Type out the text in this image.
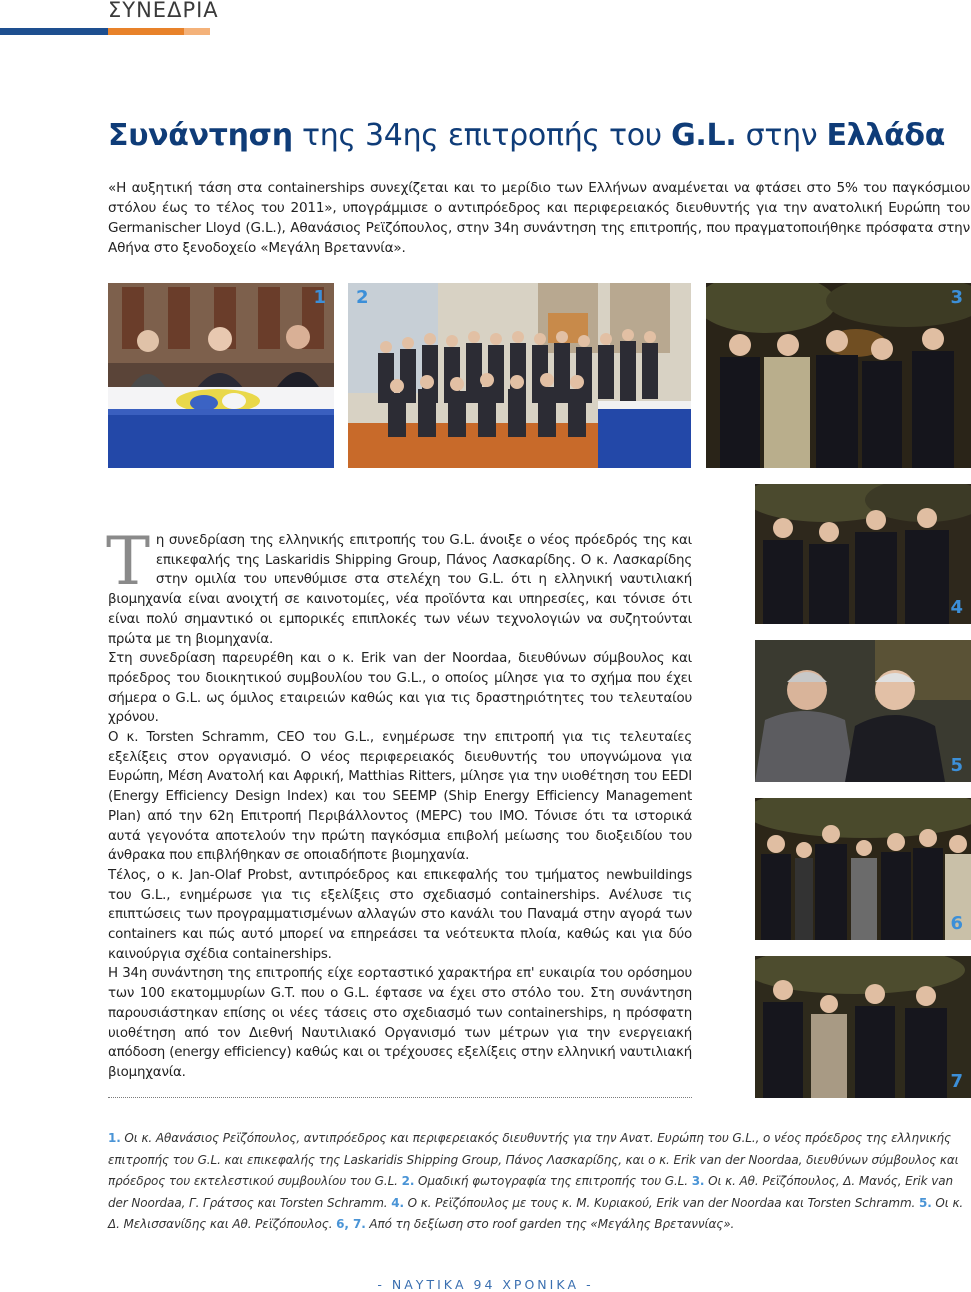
ΣΥΝΕΔΡΙΑ
Συνάντηση της 34ης επιτροπής του G.L. στην Ελλάδα
«Η αυξητική τάση στα containerships συνεχίζεται και το μερίδιο των Ελλήνων αναμένεται να φτάσει στο 5% του παγκόσμιου στόλου έως το τέλος του 2011», υπογράμμισε ο αντιπρόεδρος και περιφερειακός διευθυντής για την ανατολική Ευρώπη του Germanischer Lloyd (G.L.), Αθανάσιος Ρεϊζόπουλος, στην 34η συνάντηση της επιτροπής, που πραγματοποιήθηκε πρόσφατα στην Αθήνα στο ξενοδοχείο «Μεγάλη Βρεταννία».
1 2	3
4
5
6
7
Τ η συνεδρίαση της ελληνικής επιτροπής του G.L. άνοιξε ο νέος πρόεδρός της και επικεφαλής της Laskaridis Shipping Group, Πάνος Λασκαρίδης. Ο κ. Λασκαρίδης στην ομιλία του υπενθύμισε στα στελέχη του G.L. ότι η ελληνική ναυτιλιακή βιομηχανία είναι ανοιχτή σε καινοτομίες, νέα προϊόντα και υπηρεσίες, και τόνισε ότι είναι πολύ σημαντικό οι εμπορικές επιπλοκές των νέων τεχνολογιών να συζητούνται πρώτα με τη βιομηχανία.

Στη συνεδρίαση παρευρέθη και ο κ. Erik van der Noordaa, διευθύνων σύμβουλος και πρόεδρος του διοικητικού συμβουλίου του G.L., ο οποίος μίλησε για το σχήμα που έχει σήμερα ο G.L. ως όμιλος εταιρειών καθώς και για τις δραστηριότητες του τελευταίου χρόνου.

Ο κ. Torsten Schramm, CEO του G.L., ενημέρωσε την επιτροπή για τις τελευταίες εξελίξεις στον οργανισμό. Ο νέος περιφερειακός διευθυντής του υπογνώμονα για Ευρώπη, Μέση Ανατολή και Αφρική, Matthias Ritters, μίλησε για την υιοθέτηση του EEDI (Energy Efficiency Design Index) και του SEEMP (Ship Energy Efficiency Management Plan) από την 62η Επιτροπή Περιβάλλοντος (MEPC) του IMO. Τόνισε ότι τα ιστορικά αυτά γεγονότα αποτελούν την πρώτη παγκόσμια επιβολή μείωσης του διοξειδίου του άνθρακα που επιβλήθηκαν σε οποιαδήποτε βιομηχανία.

Τέλος, ο κ. Jan-Olaf Probst, αντιπρόεδρος και επικεφαλής του τμήματος newbuildings του G.L., ενημέρωσε για τις εξελίξεις στο σχεδιασμό containerships. Ανέλυσε τις επιπτώσεις των προγραμματισμένων αλλαγών στο κανάλι του Παναμά στην αγορά των containers και πώς αυτό μπορεί να επηρεάσει τα νεότευκτα πλοία, καθώς και για δύο καινούργια σχέδια containerships.

Η 34η συνάντηση της επιτροπής είχε εορταστικό χαρακτήρα επ' ευκαιρία του ορόσημου των 100 εκατομμυρίων G.T. που ο G.L. έφτασε να έχει στο στόλο του. Στη συνάντηση παρουσιάστηκαν επίσης οι νέες τάσεις στο σχεδιασμό των containerships, η πρόσφατη υιοθέτηση από τον Διεθνή Ναυτιλιακό Οργανισμό των μέτρων για την ενεργειακή απόδοση (energy efficiency) καθώς και οι τρέχουσες εξελίξεις στην ελληνική ναυτιλιακή βιομηχανία.

1. Οι κ. Αθανάσιος Ρεϊζόπουλος, αντιπρόεδρος και περιφερειακός διευθυντής για την Ανατ. Ευρώπη του G.L., ο νέος πρόεδρος της ελληνικής επιτροπής του G.L. και επικεφαλής της Laskaridis Shipping Group, Πάνος Λασκαρίδης, και ο κ. Erik van der Noordaa, διευθύνων σύμβουλος και πρόεδρος του εκτελεστικού συμβουλίου του G.L. 2. Ομαδική φωτογραφία της επιτροπής του G.L. 3. Οι κ. Αθ. Ρεϊζόπουλος, Δ. Μανός, Erik van der Noordaa, Γ. Γράτσος και Torsten Schramm. 4. Ο κ. Ρεϊζόπουλος με τους κ. Μ. Κυριακού, Erik van der Noordaa και Torsten Schramm. 5. Οι κ. Δ. Μελισσανίδης και Αθ. Ρεϊζόπουλος. 6, 7. Από τη δεξίωση στο roof garden της «Μεγάλης Βρεταννίας».
- ΝΑΥΤΙΚΑ 94 ΧΡΟΝΙΚΑ -
